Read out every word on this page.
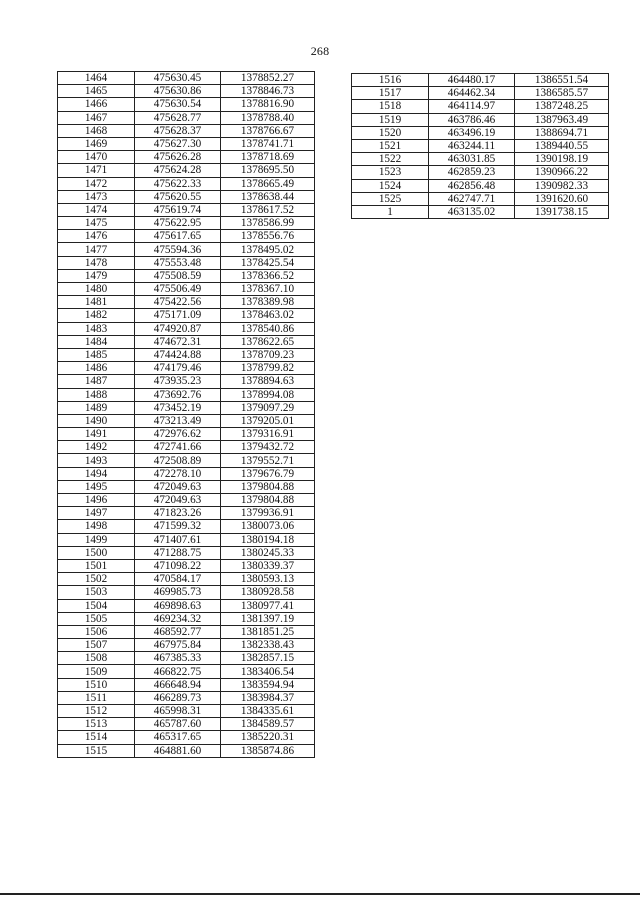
268
1464	475630.45	1378852.27
1465	475630.86	1378846.73
1466	475630.54	1378816.90
1467	475628.77	1378788.40
1468	475628.37	1378766.67
1469	475627.30	1378741.71
1470	475626.28	1378718.69
1471	475624.28	1378695.50
1472	475622.33	1378665.49
1473	475620.55	1378638.44
1474	475619.74	1378617.52
1475	475622.95	1378586.99
1476	475617.65	1378556.76
1477	475594.36	1378495.02
1478	475553.48	1378425.54
1479	475508.59	1378366.52
1480	475506.49	1378367.10
1481	475422.56	1378389.98
1482	475171.09	1378463.02
1483	474920.87	1378540.86
1484	474672.31	1378622.65
1485	474424.88	1378709.23
1486	474179.46	1378799.82
1487	473935.23	1378894.63
1488	473692.76	1378994.08
1489	473452.19	1379097.29
1490	473213.49	1379205.01
1491	472976.62	1379316.91
1492	472741.66	1379432.72
1493	472508.89	1379552.71
1494	472278.10	1379676.79
1495	472049.63	1379804.88
1496	472049.63	1379804.88
1497	471823.26	1379936.91
1498	471599.32	1380073.06
1499	471407.61	1380194.18
1500	471288.75	1380245.33
1501	471098.22	1380339.37
1502	470584.17	1380593.13
1503	469985.73	1380928.58
1504	469898.63	1380977.41
1505	469234.32	1381397.19
1506	468592.77	1381851.25
1507	467975.84	1382338.43
1508	467385.33	1382857.15
1509	466822.75	1383406.54
1510	466648.94	1383594.94
1511	466289.73	1383984.37
1512	465998.31	1384335.61
1513	465787.60	1384589.57
1514	465317.65	1385220.31
1515	464881.60	1385874.86
1516	464480.17	1386551.54
1517	464462.34	1386585.57
1518	464114.97	1387248.25
1519	463786.46	1387963.49
1520	463496.19	1388694.71
1521	463244.11	1389440.55
1522	463031.85	1390198.19
1523	462859.23	1390966.22
1524	462856.48	1390982.33
1525	462747.71	1391620.60
1	463135.02	1391738.15
